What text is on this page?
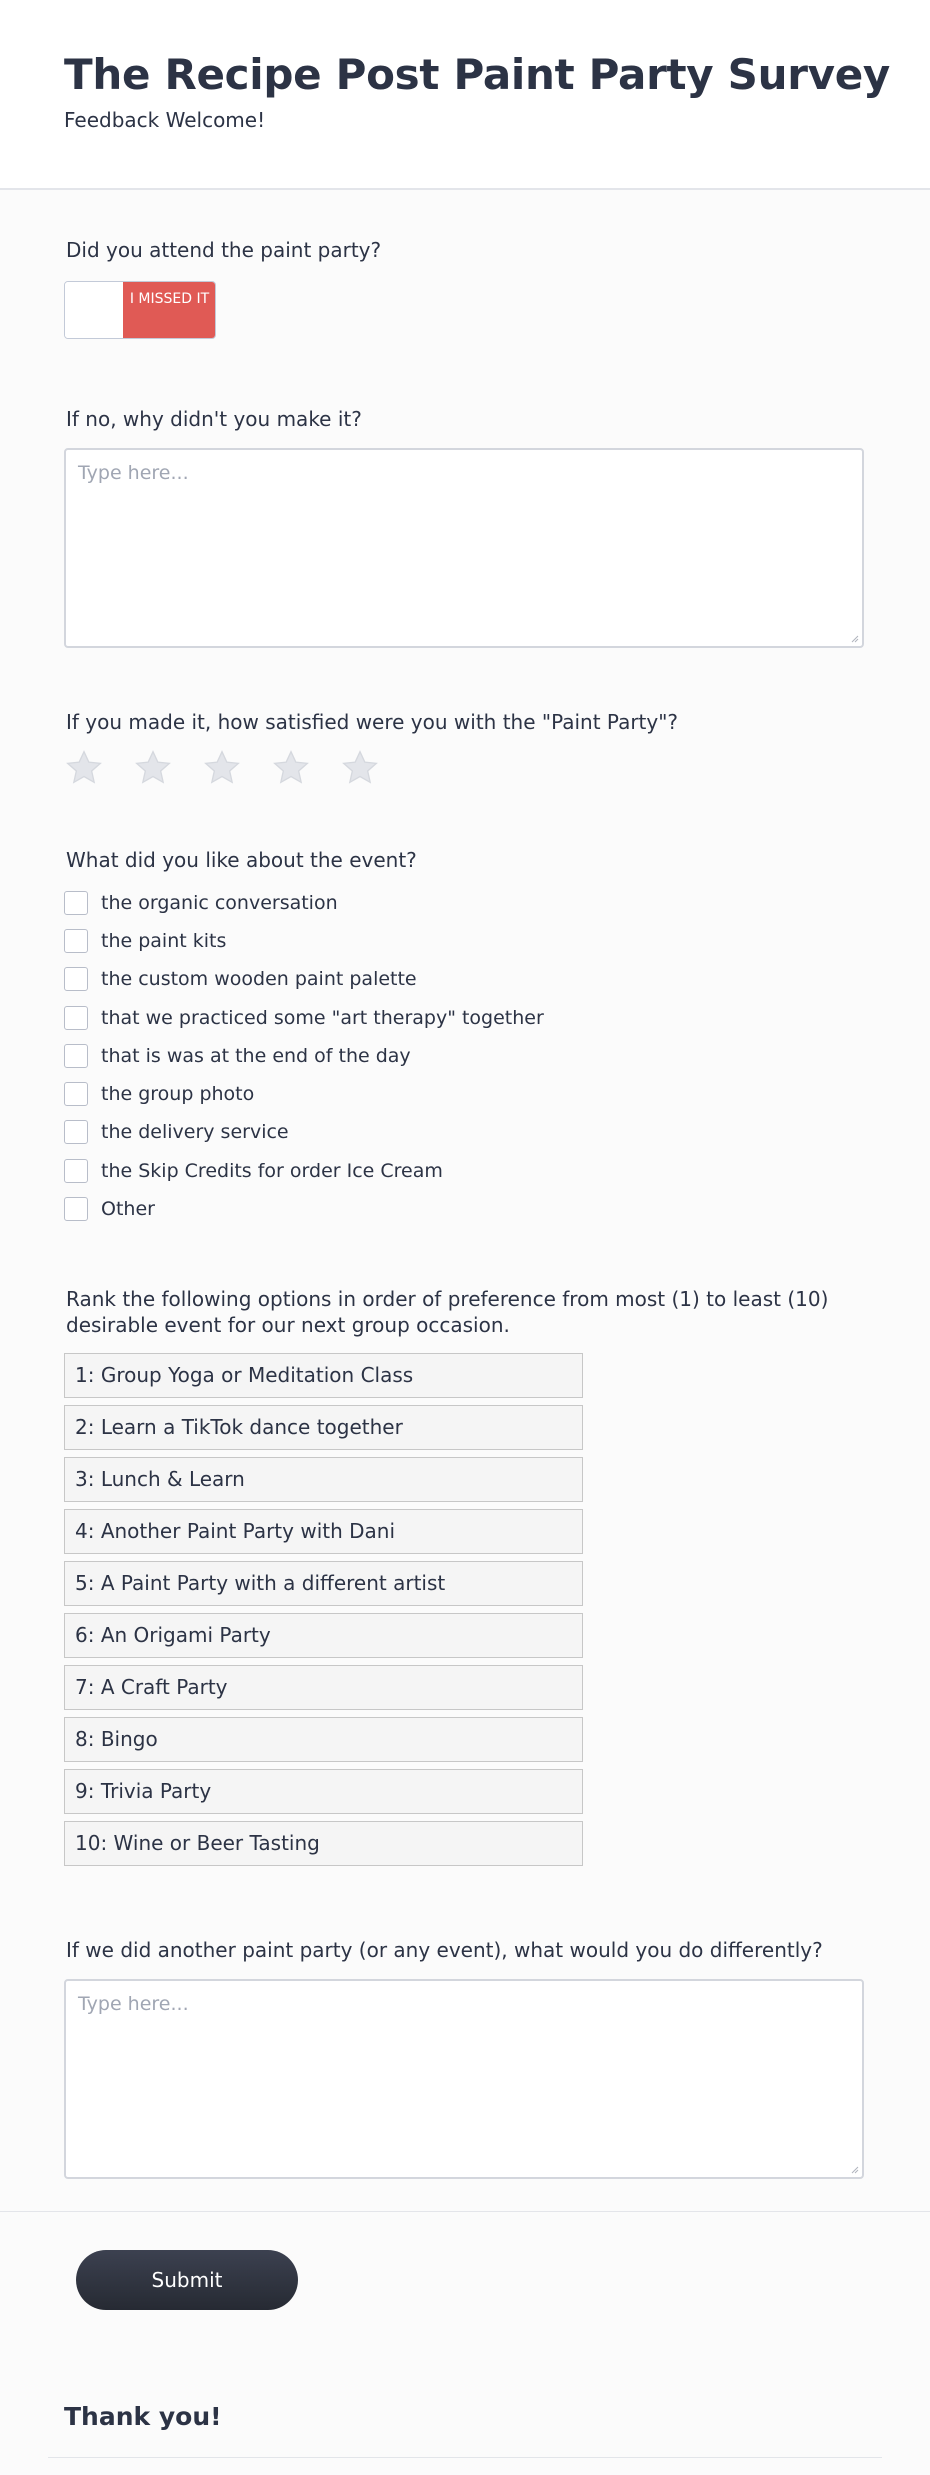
The Recipe Post Paint Party Survey
Feedback Welcome!
Did you attend the paint party?
I MISSED IT
If no, why didn't you make it?
Type here...
If you made it, how satisfied were you with the "Paint Party"?
What did you like about the event?
the organic conversation
the paint kits
the custom wooden paint palette
that we practiced some "art therapy" together
that is was at the end of the day
the group photo
the delivery service
the Skip Credits for order Ice Cream
Other
Rank the following options in order of preference from most (1) to least (10) desirable event for our next group occasion.
1: Group Yoga or Meditation Class
2: Learn a TikTok dance together
3: Lunch & Learn
4: Another Paint Party with Dani
5: A Paint Party with a different artist
6: An Origami Party
7: A Craft Party
8: Bingo
9: Trivia Party
10: Wine or Beer Tasting
If we did another paint party (or any event), what would you do differently?
Type here...
Submit
Thank you!
